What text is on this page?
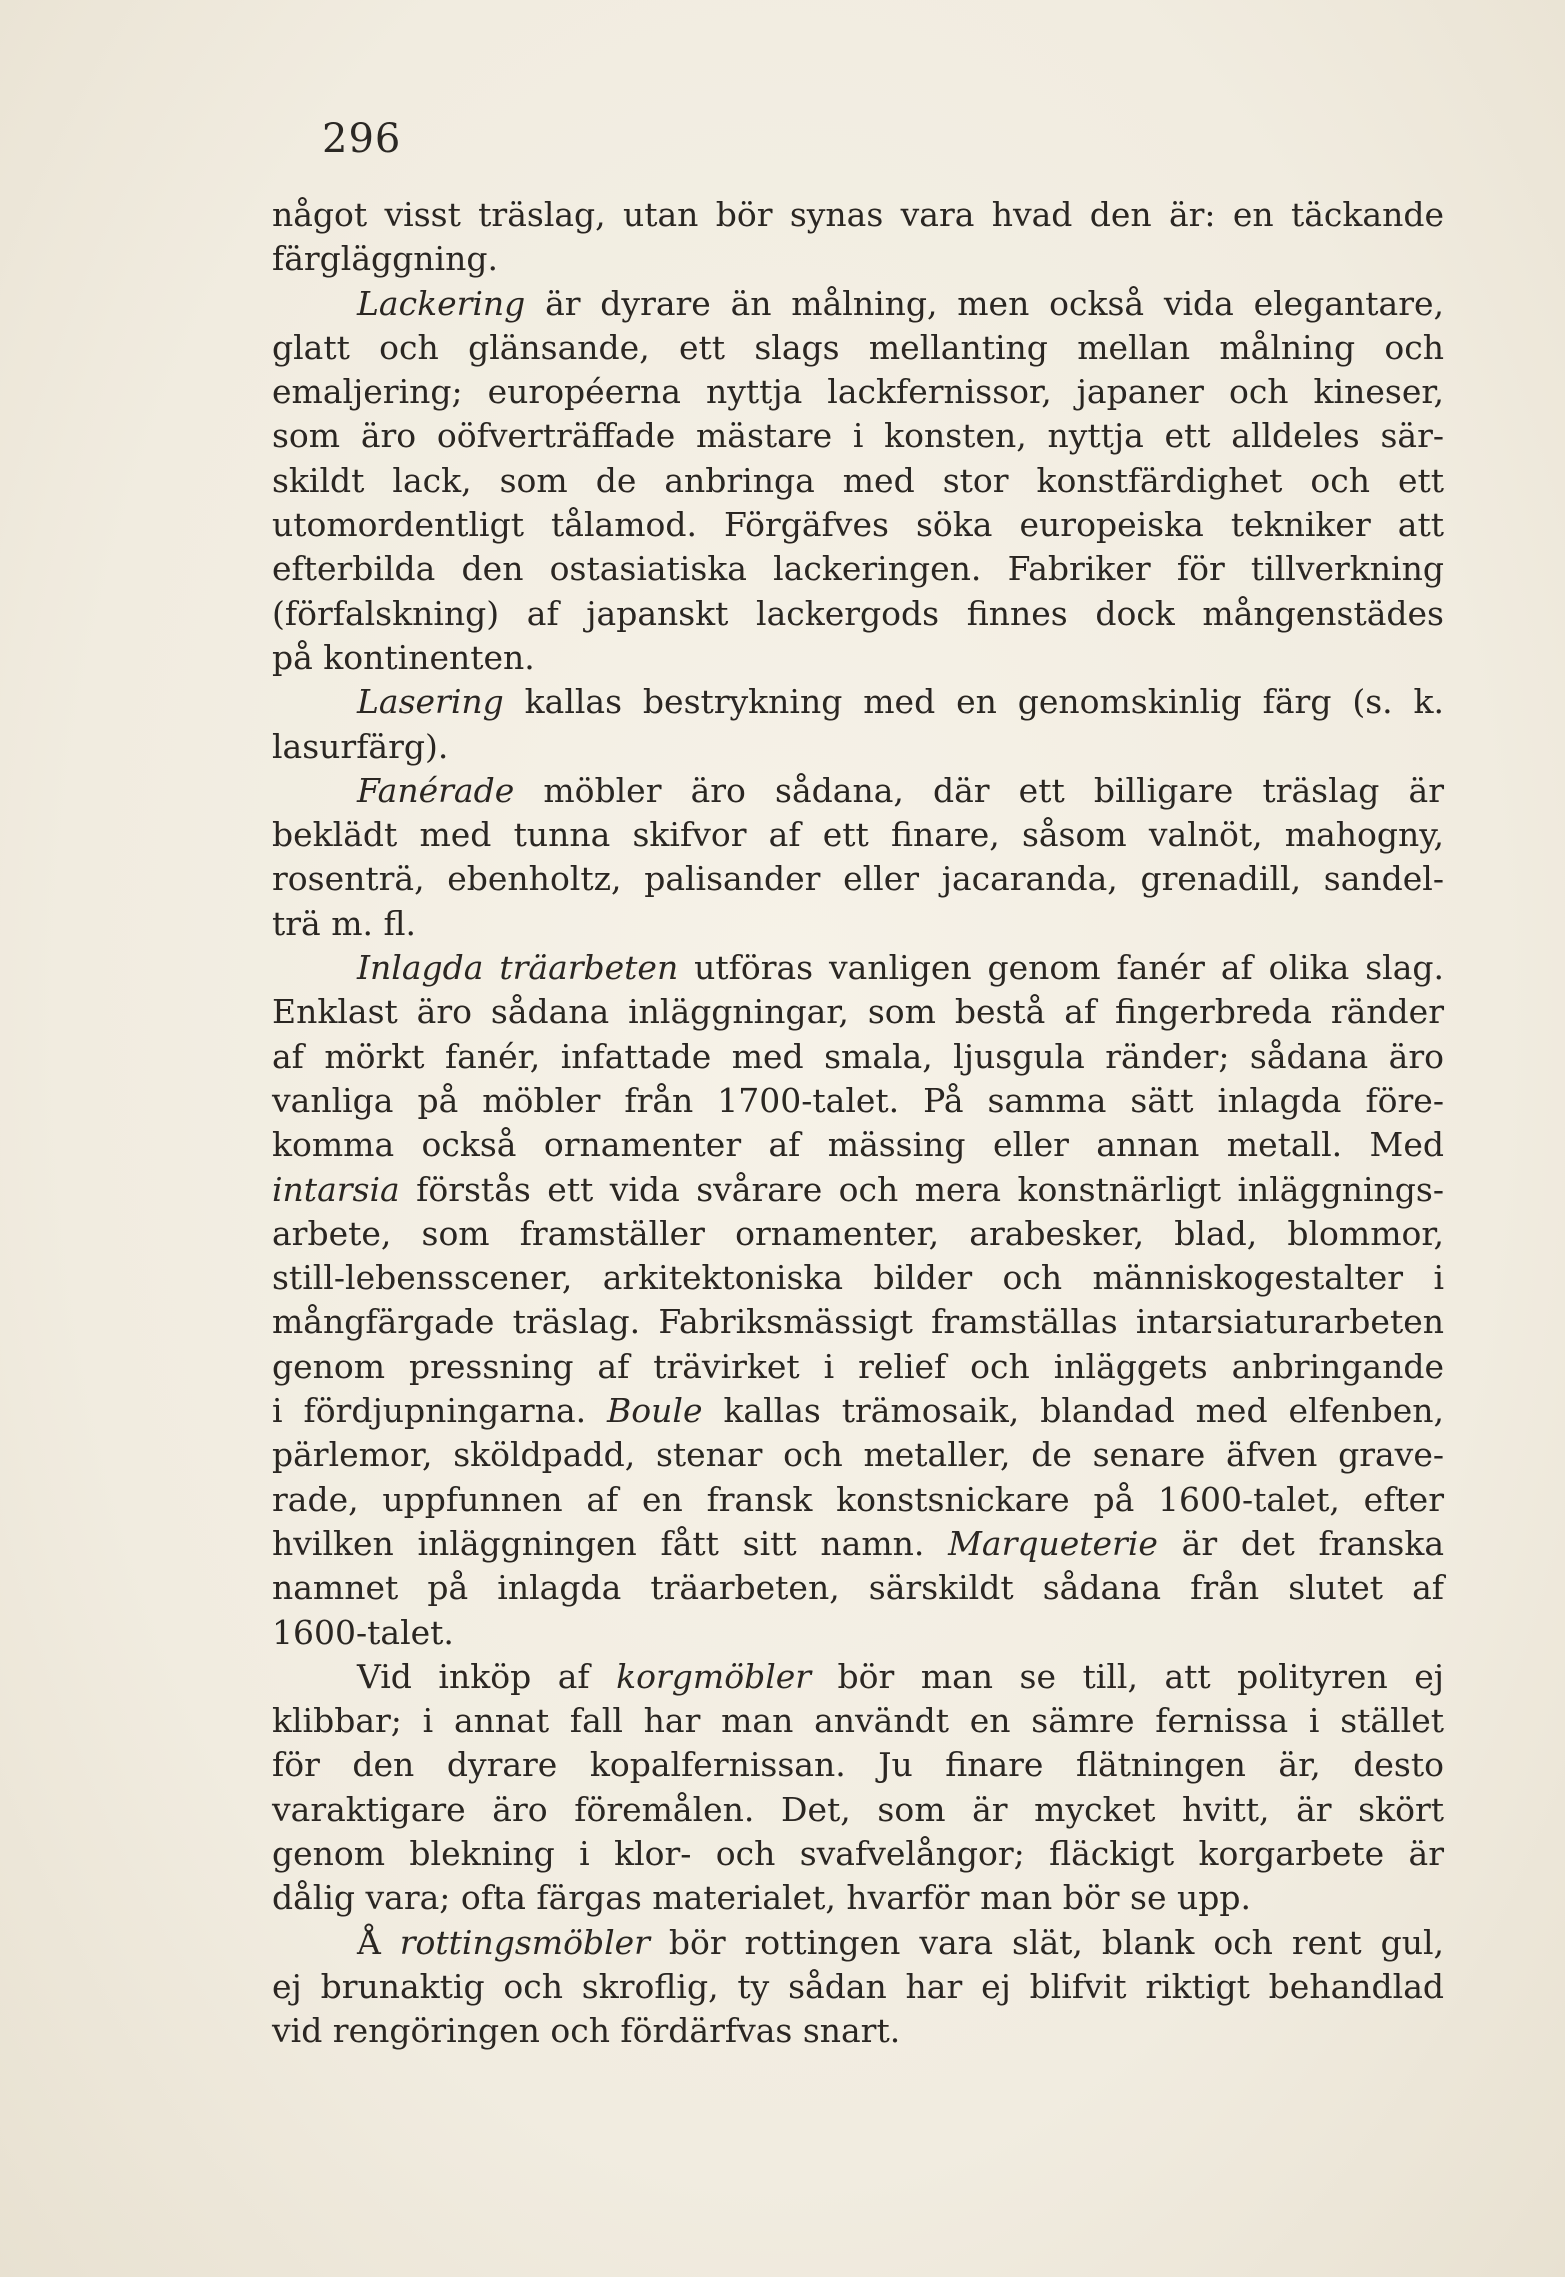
296
något visst träslag, utan bör synas vara hvad den är: en täckande
färgläggning.
Lackering är dyrare än målning, men också vida elegantare,
glatt och glänsande, ett slags mellanting mellan målning och
emaljering; européerna nyttja lackfernissor, japaner och kineser,
som äro oöfverträffade mästare i konsten, nyttja ett alldeles sär-
skildt lack, som de anbringa med stor konstfärdighet och ett
utomordentligt tålamod. Förgäfves söka europeiska tekniker att
efterbilda den ostasiatiska lackeringen. Fabriker för tillverkning
(förfalskning) af japanskt lackergods finnes dock mångenstädes
på kontinenten.
Lasering kallas bestrykning med en genomskinlig färg (s. k.
lasurfärg).
Fanérade möbler äro sådana, där ett billigare träslag är
beklädt med tunna skifvor af ett finare, såsom valnöt, mahogny,
rosenträ, ebenholtz, palisander eller jacaranda, grenadill, sandel-
trä m. fl.
Inlagda träarbeten utföras vanligen genom fanér af olika slag.
Enklast äro sådana inläggningar, som bestå af fingerbreda ränder
af mörkt fanér, infattade med smala, ljusgula ränder; sådana äro
vanliga på möbler från 1700-talet. På samma sätt inlagda före-
komma också ornamenter af mässing eller annan metall. Med
intarsia förstås ett vida svårare och mera konstnärligt inläggnings-
arbete, som framställer ornamenter, arabesker, blad, blommor,
still-lebensscener, arkitektoniska bilder och människogestalter i
mångfärgade träslag. Fabriksmässigt framställas intarsiaturarbeten
genom pressning af trävirket i relief och inläggets anbringande
i fördjupningarna. Boule kallas trämosaik, blandad med elfenben,
pärlemor, sköldpadd, stenar och metaller, de senare äfven grave-
rade, uppfunnen af en fransk konstsnickare på 1600-talet, efter
hvilken inläggningen fått sitt namn. Marqueterie är det franska
namnet på inlagda träarbeten, särskildt sådana från slutet af
1600-talet.
Vid inköp af korgmöbler bör man se till, att polityren ej
klibbar; i annat fall har man användt en sämre fernissa i stället
för den dyrare kopalfernissan. Ju finare flätningen är, desto
varaktigare äro föremålen. Det, som är mycket hvitt, är skört
genom blekning i klor- och svafvelångor; fläckigt korgarbete är
dålig vara; ofta färgas materialet, hvarför man bör se upp.
Å rottingsmöbler bör rottingen vara slät, blank och rent gul,
ej brunaktig och skroflig, ty sådan har ej blifvit riktigt behandlad
vid rengöringen och fördärfvas snart.
